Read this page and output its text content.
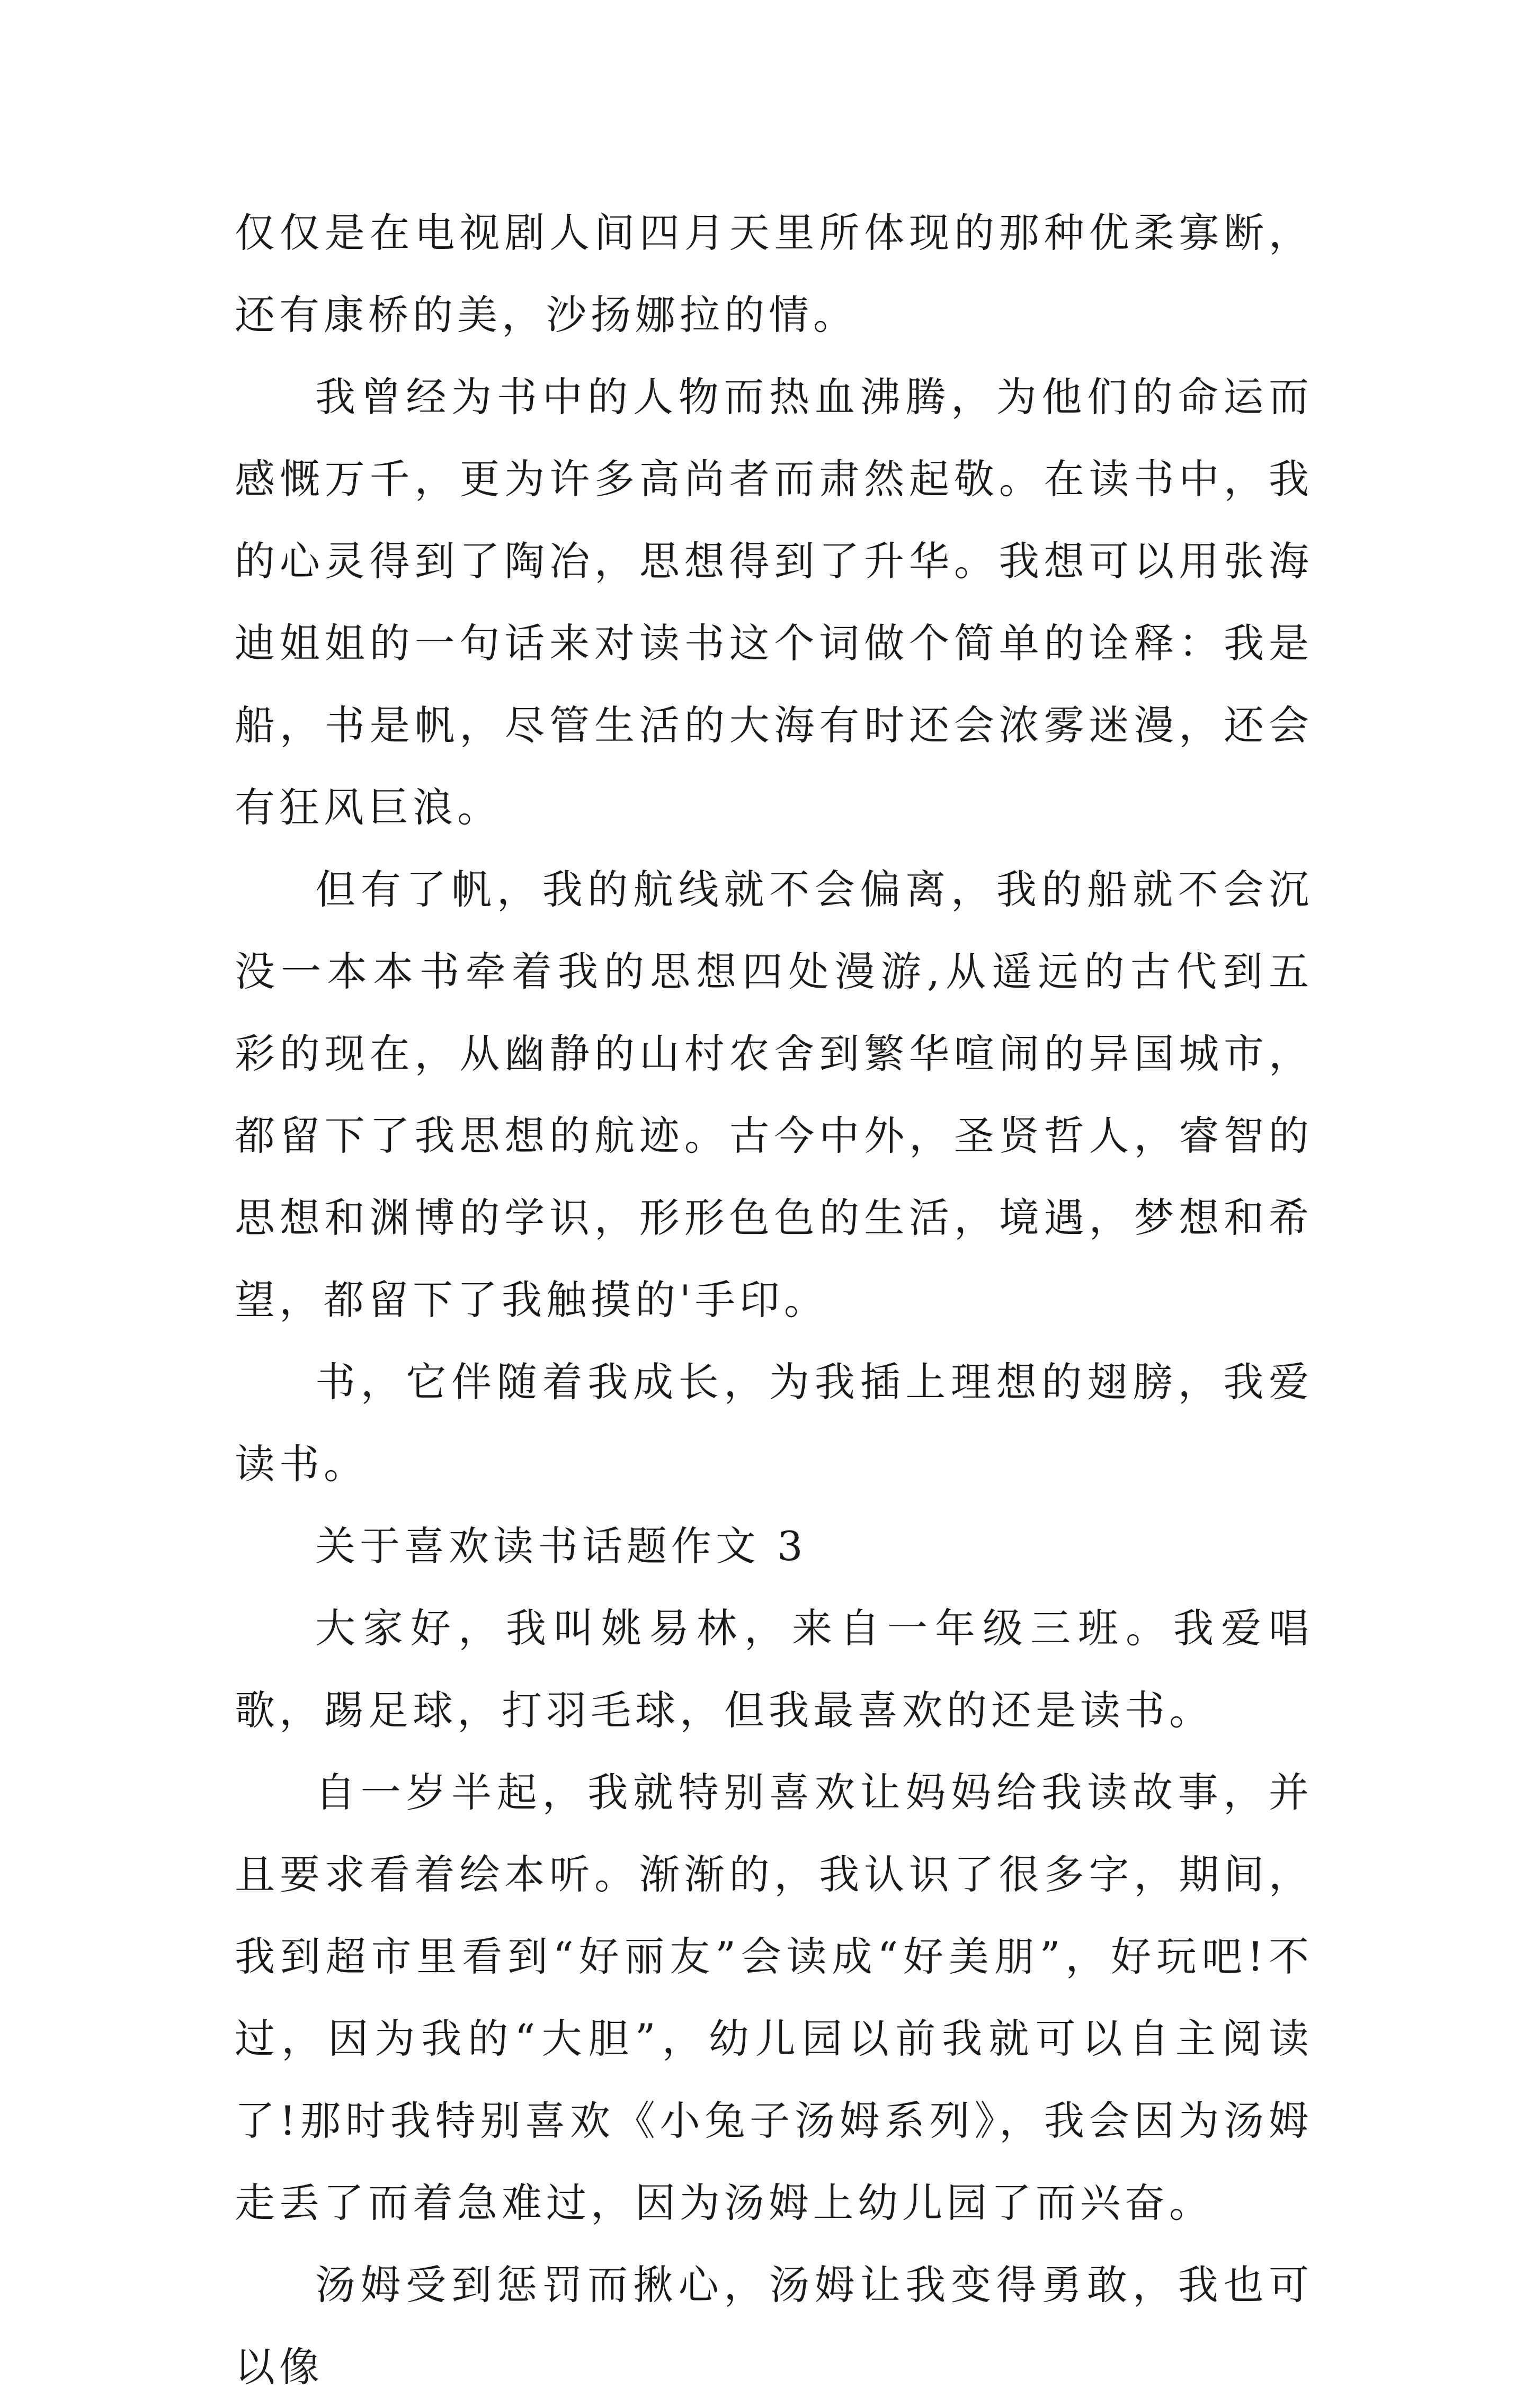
仅仅是在电视剧人间四月天里所体现的那种优柔寡断，还有康桥的美，沙扬娜拉的情。

我曾经为书中的人物而热血沸腾，为他们的命运而感慨万千，更为许多高尚者而肃然起敬。在读书中，我的心灵得到了陶冶，思想得到了升华。我想可以用张海迪姐姐的一句话来对读书这个词做个简单的诠释：我是船，书是帆，尽管生活的大海有时还会浓雾迷漫，还会有狂风巨浪。

但有了帆，我的航线就不会偏离，我的船就不会沉没一本本书牵着我的思想四处漫游,从遥远的古代到五彩的现在，从幽静的山村农舍到繁华喧闹的异国城市，都留下了我思想的航迹。古今中外，圣贤哲人，睿智的思想和渊博的学识，形形色色的生活，境遇，梦想和希望，都留下了我触摸的'手印。

书，它伴随着我成长，为我插上理想的翅膀，我爱读书。

关于喜欢读书话题作文 3

大家好，我叫姚易林，来自一年级三班。我爱唱歌，踢足球，打羽毛球，但我最喜欢的还是读书。

自一岁半起，我就特别喜欢让妈妈给我读故事，并且要求看着绘本听。渐渐的，我认识了很多字，期间，我到超市里看到“好丽友”会读成“好美朋”，好玩吧!不过，因为我的“大胆”，幼儿园以前我就可以自主阅读了!那时我特别喜欢《小兔子汤姆系列》，我会因为汤姆走丢了而着急难过，因为汤姆上幼儿园了而兴奋。

汤姆受到惩罚而揪心，汤姆让我变得勇敢，我也可以像
